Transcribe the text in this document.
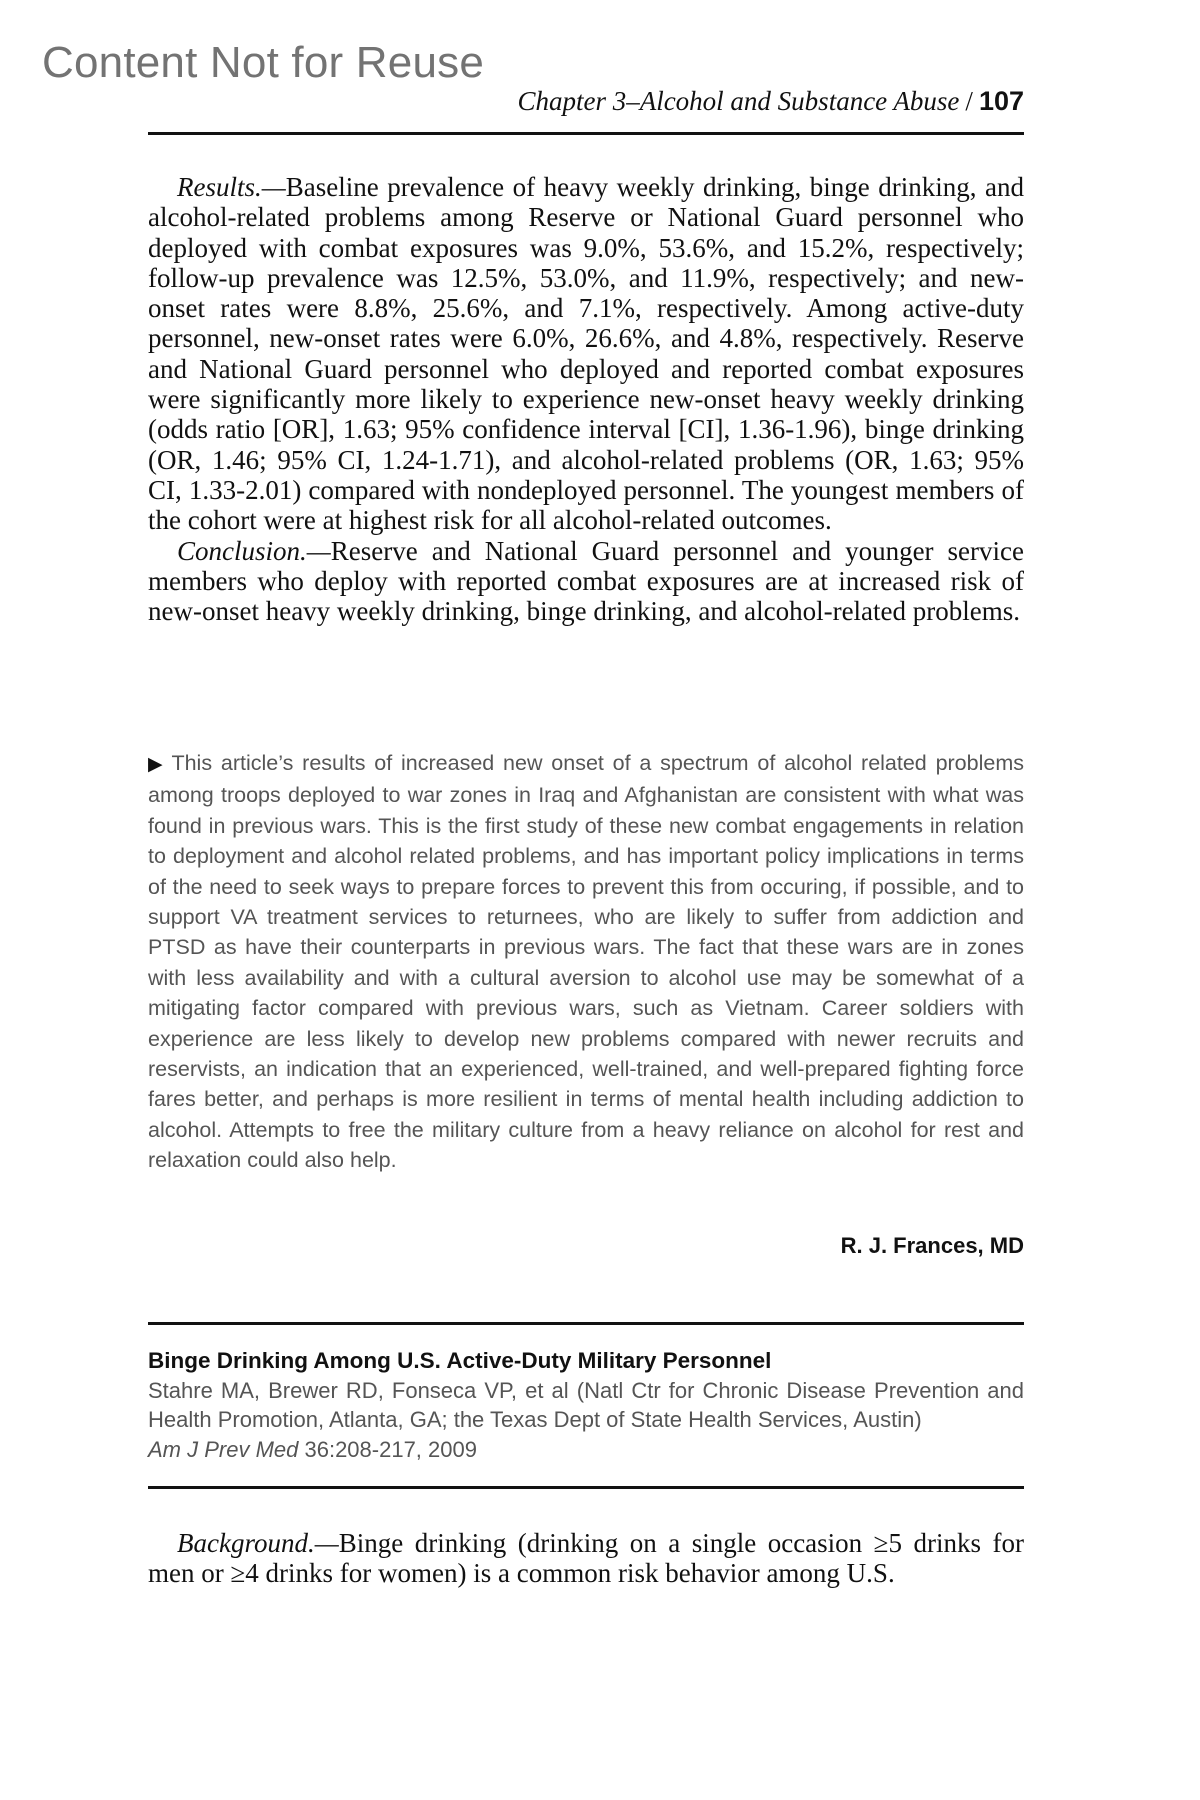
Content Not for Reuse
Chapter 3–Alcohol and Substance Abuse / 107

Results.—Baseline prevalence of heavy weekly drinking, binge drinking, and alcohol-related problems among Reserve or National Guard personnel who deployed with combat exposures was 9.0%, 53.6%, and 15.2%, respectively; follow-up prevalence was 12.5%, 53.0%, and 11.9%, respectively; and new-onset rates were 8.8%, 25.6%, and 7.1%, respectively. Among active-duty personnel, new-onset rates were 6.0%, 26.6%, and 4.8%, respectively. Reserve and National Guard personnel who deployed and reported combat exposures were significantly more likely to experience new-onset heavy weekly drinking (odds ratio [OR], 1.63; 95% confidence interval [CI], 1.36-1.96), binge drinking (OR, 1.46; 95% CI, 1.24-1.71), and alcohol-related problems (OR, 1.63; 95% CI, 1.33-2.01) compared with nondeployed personnel. The youngest members of the cohort were at highest risk for all alcohol-related outcomes.

Conclusion.—Reserve and National Guard personnel and younger service members who deploy with reported combat exposures are at increased risk of new-onset heavy weekly drinking, binge drinking, and alcohol-related problems.

▶ This article’s results of increased new onset of a spectrum of alcohol related problems among troops deployed to war zones in Iraq and Afghanistan are consistent with what was found in previous wars. This is the first study of these new combat engagements in relation to deployment and alcohol related problems, and has important policy implications in terms of the need to seek ways to prepare forces to prevent this from occuring, if possible, and to support VA treatment services to returnees, who are likely to suffer from addiction and PTSD as have their counterparts in previous wars. The fact that these wars are in zones with less availability and with a cultural aversion to alcohol use may be somewhat of a mitigating factor compared with previous wars, such as Vietnam. Career soldiers with experience are less likely to develop new problems compared with newer recruits and reservists, an indication that an experienced, well-trained, and well-prepared fighting force fares better, and perhaps is more resilient in terms of mental health including addiction to alcohol. Attempts to free the military culture from a heavy reliance on alcohol for rest and relaxation could also help.

R. J. Frances, MD
Binge Drinking Among U.S. Active-Duty Military Personnel
Stahre MA, Brewer RD, Fonseca VP, et al (Natl Ctr for Chronic Disease Prevention and Health Promotion, Atlanta, GA; the Texas Dept of State Health Services, Austin)
Am J Prev Med 36:208-217, 2009

Background.—Binge drinking (drinking on a single occasion ≥5 drinks for men or ≥4 drinks for women) is a common risk behavior among U.S.
